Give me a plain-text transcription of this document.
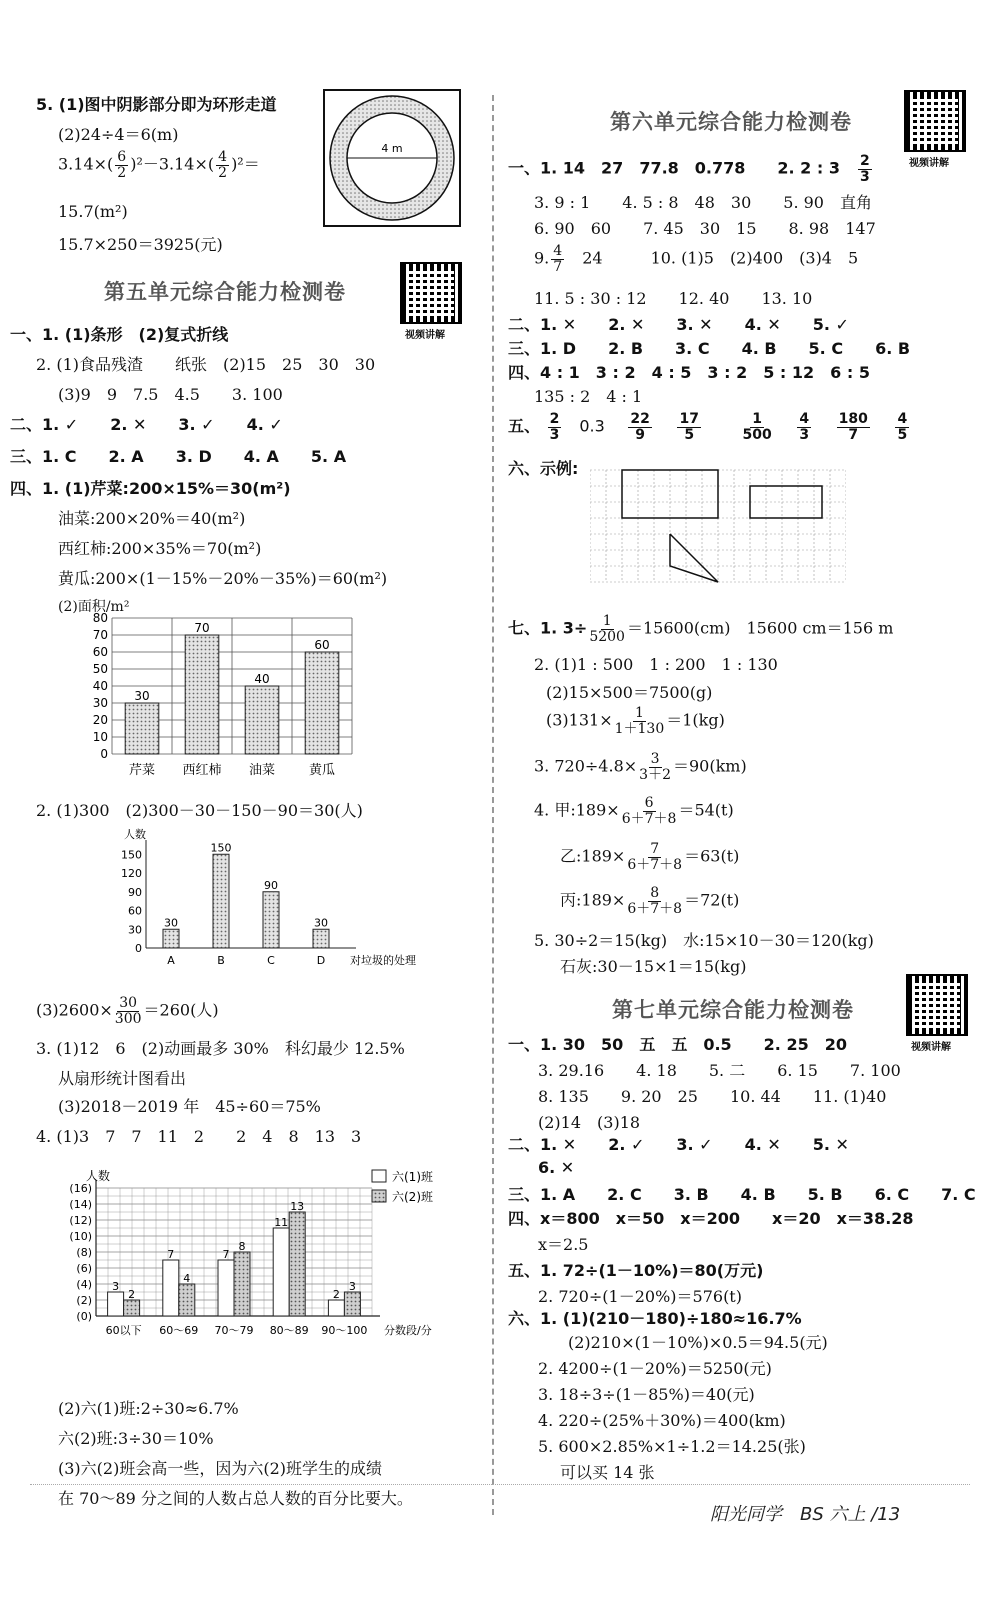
5. (1)图中阴影部分即为环形走道
(2)24÷4＝6(m)
$3.14\times( \frac{6}{2} )^2-3.14\times( \frac{4}{2} )^2=$
15.7(m²)
15.7×250＝3925(元)
4 m
第五单元综合能力检测卷
视频讲解
一、1. (1)条形　(2)复式折线
2. (1)食品残渣　　纸张　(2)15　25　30　30
(3)9　9　7.5　4.5　　3. 100
二、1. ✓　　2. ✕　　3. ✓　　4. ✓
三、1. C　　2. A　　3. D　　4. A　　5. A
四、1. (1)芹菜:200×15%＝30(m²)
油菜:200×20%＝40(m²)
西红柿:200×35%＝70(m²)
黄瓜:200×(1－15%－20%－35%)＝60(m²)
(2)面积/m²
0
10
20
30
40
50
60
70
80
30
芹菜
70
西红柿
40
油菜
60
黄瓜
2. (1)300　(2)300－30－150－90＝30(人)
人数
0
30
60
90
120
150
30
A
150
B
90
C
30
D 对垃圾的处理
$(3)2600\times \frac{30}{300} =260$(人)
3. (1)12　6　(2)动画最多 30%　科幻最少 12.5%
从扇形统计图看出
(3)2018－2019 年　45÷60＝75%
4. (1)3　7　7　11　2　　2　4　8　13　3
人数
(0)
(2)
(4)
(6)
(8)
(10)
(12)
(14)
(16)
3
2
60以下
7
4
60～69
7
8
70～79
11
13
80～89
2
3
90～100 分数段/分
六(1)班
六(2)班
(2)六(1)班:2÷30≈6.7%
六(2)班:3÷30＝10%
(3)六(2)班会高一些，因为六(2)班学生的成绩
在 70～89 分之间的人数占总人数的百分比要大。
第六单元综合能力检测卷
视频讲解
一、1. 14　27　77.8　0.778　　2. 2 : 3　 $\frac{2}{3}$
3. 9 : 1　　4. 5 : 8　48　30　　5. 90　直角
6. 90　60　　7. 45　30　15　　8. 98　147
9. $\frac{4}{7}$
　 24　　　10. (1)5　(2)400　(3)4　5
11. 5 : 30 : 12　　12. 40　　13. 10
二、1. ✕　　2. ✕　　3. ✕　　4. ✕　　5. ✓
三、1. D　　2. B　　3. C　　4. B　　5. C　　6. B
四、4 : 1　3 : 2　4 : 5　3 : 2　5 : 12　6 : 5
135 : 2　4 : 1
五、 $\frac{2}{3}$
　 0.3　 $\frac{22}{9}$
　 $\frac{17}{5}$
　　	$\frac{1}{500}$
　 $\frac{4}{3}$
　 $\frac{180}{7}$
　 $\frac{4}{5}$
六、示例:
七、1. $3\div \frac{1}{5200} =15600(cm)$　15600 cm＝156 m
2. (1)1 : 500　1 : 200　1 : 130
(2)15×500＝7500(g)
$(3)131\times \frac{1}{1+130} =1(kg)$
3. $720\div 4.8\times \frac{3}{3+2} =90(km)$
4. 甲:189× $\frac{6}{6+7+8} =54(t)$
乙:189× $\frac{7}{6+7+8} =63(t)$
丙:189× $\frac{8}{6+7+8} =72(t)$
5. 30÷2＝15(kg)　水:15×10－30＝120(kg)
石灰:30－15×1＝15(kg)
第七单元综合能力检测卷
视频讲解
一、1. 30　50　五　五　0.5　　2. 25　20
3. 29.16　　4. 18　　5. 二　　6. 15　　7. 100
8. 135　　9. 20　25　　10. 44　　11. (1)40
(2)14　(3)18
二、1. ✕　　2. ✓　　3. ✓　　4. ✕　　5. ✕
6. ✕
三、1. A　　2. C　　3. B　　4. B　　5. B　　6. C　　7. C
四、x＝800　x＝50　x＝200　　x＝20　x＝38.28
x＝2.5
五、1. 72÷(1－10%)＝80(万元)
2. 720÷(1－20%)＝576(t)
六、1. (1)(210－180)÷180≈16.7%
(2)210×(1－10%)×0.5＝94.5(元)
2. 4200÷(1－20%)＝5250(元)
3. 18÷3÷(1－85%)＝40(元)
4. 220÷(25%＋30%)＝400(km)
5. 600×2.85%×1÷1.2＝14.25(张)
可以买 14 张
阳光同学　BS 六上 /13
